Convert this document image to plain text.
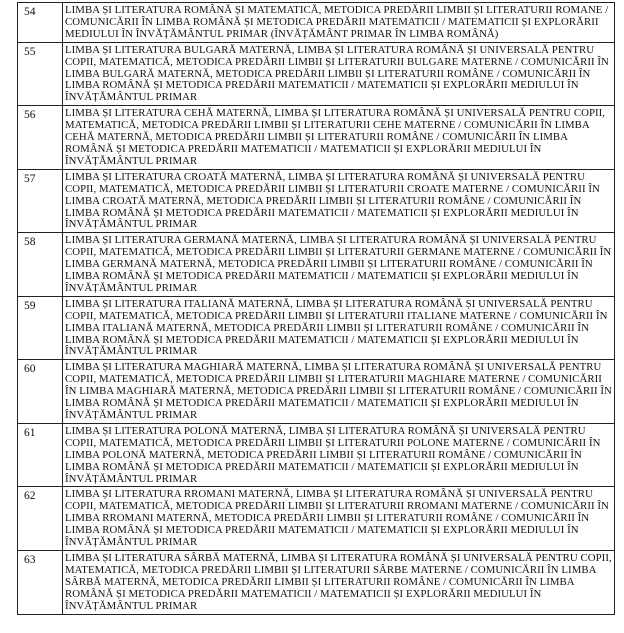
54	LIMBA ȘI LITERATURA ROMÂNĂ ȘI MATEMATICĂ, METODICA PREDĂRII LIMBII ȘI LITERATURII ROMANE / COMUNICĂRII ÎN LIMBA ROMÂNĂ ȘI METODICA PREDĂRII MATEMATICII / MATEMATICII ȘI EXPLORĂRII MEDIULUI ÎN ÎNVĂȚĂMÂNTUL PRIMAR (ÎNVĂȚĂMÂNT PRIMAR ÎN LIMBA ROMÂNĂ)
55	LIMBA ȘI LITERATURA BULGARĂ MATERNĂ, LIMBA ȘI LITERATURA ROMÂNĂ ȘI UNIVERSALĂ PENTRU COPII, MATEMATICĂ, METODICA PREDĂRII LIMBII ȘI LITERATURII BULGARE MATERNE / COMUNICĂRII ÎN LIMBA BULGARĂ MATERNĂ, METODICA PREDĂRII LIMBII ȘI LITERATURII ROMÂNE / COMUNICĂRII ÎN LIMBA ROMÂNĂ ȘI METODICA PREDĂRII MATEMATICII / MATEMATICII ȘI EXPLORĂRII MEDIULUI ÎN ÎNVĂȚĂMÂNTUL PRIMAR
56	LIMBA ȘI LITERATURA CEHĂ MATERNĂ, LIMBA ȘI LITERATURA ROMÂNĂ ȘI UNIVERSALĂ PENTRU COPII, MATEMATICĂ, METODICA PREDĂRII LIMBII ȘI LITERATURII CEHE MATERNE / COMUNICĂRII ÎN LIMBA CEHĂ MATERNĂ, METODICA PREDĂRII LIMBII ȘI LITERATURII ROMÂNE / COMUNICĂRII ÎN LIMBA ROMÂNĂ ȘI METODICA PREDĂRII MATEMATICII / MATEMATICII ȘI EXPLORĂRII MEDIULUI ÎN ÎNVĂȚĂMÂNTUL PRIMAR
57	LIMBA ȘI LITERATURA CROATĂ MATERNĂ, LIMBA ȘI LITERATURA ROMÂNĂ ȘI UNIVERSALĂ PENTRU COPII, MATEMATICĂ, METODICA PREDĂRII LIMBII ȘI LITERATURII CROATE MATERNE / COMUNICĂRII ÎN LIMBA CROATĂ MATERNĂ, METODICA PREDĂRII LIMBII ȘI LITERATURII ROMÂNE / COMUNICĂRII ÎN LIMBA ROMÂNĂ ȘI METODICA PREDĂRII MATEMATICII / MATEMATICII ȘI EXPLORĂRII MEDIULUI ÎN ÎNVĂȚĂMÂNTUL PRIMAR
58	LIMBA ȘI LITERATURA GERMANĂ MATERNĂ, LIMBA ȘI LITERATURA ROMÂNĂ ȘI UNIVERSALĂ PENTRU COPII, MATEMATICĂ, METODICA PREDĂRII LIMBII ȘI LITERATURII GERMANE MATERNE / COMUNICĂRII ÎN LIMBA GERMANĂ MATERNĂ, METODICA PREDĂRII LIMBII ȘI LITERATURII ROMÂNE / COMUNICĂRII ÎN LIMBA ROMÂNĂ ȘI METODICA PREDĂRII MATEMATICII / MATEMATICII ȘI EXPLORĂRII MEDIULUI ÎN ÎNVĂȚĂMÂNTUL PRIMAR
59	LIMBA ȘI LITERATURA ITALIANĂ MATERNĂ, LIMBA ȘI LITERATURA ROMÂNĂ ȘI UNIVERSALĂ PENTRU COPII, MATEMATICĂ, METODICA PREDĂRII LIMBII ȘI LITERATURII ITALIANE MATERNE / COMUNICĂRII ÎN LIMBA ITALIANĂ MATERNĂ, METODICA PREDĂRII LIMBII ȘI LITERATURII ROMÂNE / COMUNICĂRII ÎN LIMBA ROMÂNĂ ȘI METODICA PREDĂRII MATEMATICII / MATEMATICII ȘI EXPLORĂRII MEDIULUI ÎN ÎNVĂȚĂMÂNTUL PRIMAR
60	LIMBA ȘI LITERATURA MAGHIARĂ MATERNĂ, LIMBA ȘI LITERATURA ROMÂNĂ ȘI UNIVERSALĂ PENTRU COPII, MATEMATICĂ, METODICA PREDĂRII LIMBII ȘI LITERATURII MAGHIARE MATERNE / COMUNICĂRII ÎN LIMBA MAGHIARĂ MATERNĂ, METODICA PREDĂRII LIMBII ȘI LITERATURII ROMÂNE / COMUNICĂRII ÎN LIMBA ROMÂNĂ ȘI METODICA PREDĂRII MATEMATICII / MATEMATICII ȘI EXPLORĂRII MEDIULUI ÎN ÎNVĂȚĂMÂNTUL PRIMAR
61	LIMBA ȘI LITERATURA POLONĂ MATERNĂ, LIMBA ȘI LITERATURA ROMÂNĂ ȘI UNIVERSALĂ PENTRU COPII, MATEMATICĂ, METODICA PREDĂRII LIMBII ȘI LITERATURII POLONE MATERNE / COMUNICĂRII ÎN LIMBA POLONĂ MATERNĂ, METODICA PREDĂRII LIMBII ȘI LITERATURII ROMÂNE / COMUNICĂRII ÎN LIMBA ROMÂNĂ ȘI METODICA PREDĂRII MATEMATICII / MATEMATICII ȘI EXPLORĂRII MEDIULUI ÎN ÎNVĂȚĂMÂNTUL PRIMAR
62	LIMBA ȘI LITERATURA RROMANI MATERNĂ, LIMBA ȘI LITERATURA ROMÂNĂ ȘI UNIVERSALĂ PENTRU COPII, MATEMATICĂ, METODICA PREDĂRII LIMBII ȘI LITERATURII RROMANI MATERNE / COMUNICĂRII ÎN LIMBA RROMANI MATERNĂ, METODICA PREDĂRII LIMBII ȘI LITERATURII ROMÂNE / COMUNICĂRII ÎN LIMBA ROMÂNĂ ȘI METODICA PREDĂRII MATEMATICII / MATEMATICII ȘI EXPLORĂRII MEDIULUI ÎN ÎNVĂȚĂMÂNTUL PRIMAR
63	LIMBA ȘI LITERATURA SÂRBĂ MATERNĂ, LIMBA ȘI LITERATURA ROMÂNĂ ȘI UNIVERSALĂ PENTRU COPII, MATEMATICĂ, METODICA PREDĂRII LIMBII ȘI LITERATURII SÂRBE MATERNE / COMUNICĂRII ÎN LIMBA SÂRBĂ MATERNĂ, METODICA PREDĂRII LIMBII ȘI LITERATURII ROMÂNE / COMUNICĂRII ÎN LIMBA ROMÂNĂ ȘI METODICA PREDĂRII MATEMATICII / MATEMATICII ȘI EXPLORĂRII MEDIULUI ÎN ÎNVĂȚĂMÂNTUL PRIMAR
